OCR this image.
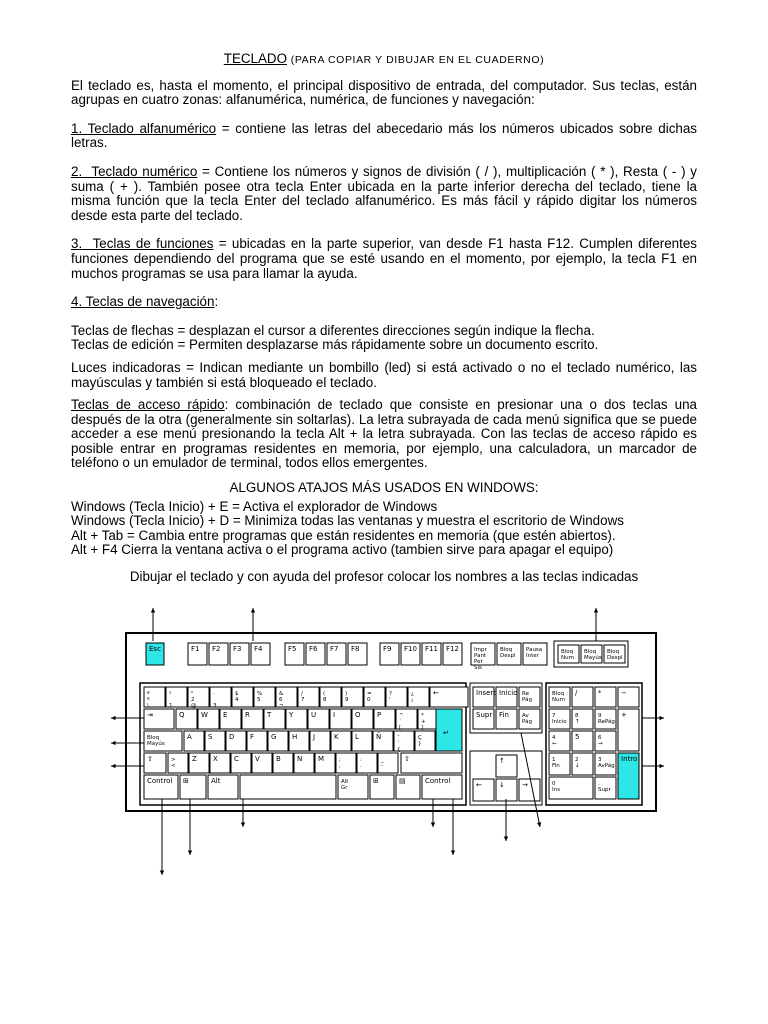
TECLADO (PARA COPIAR Y DIBUJAR EN EL CUADERNO)

El teclado es, hasta el momento, el principal dispositivo de entrada, del computador. Sus teclas, están agrupas en cuatro zonas: alfanumérica, numérica, de funciones y navegación:

1. Teclado alfanumérico = contiene las letras del abecedario más los números ubicados sobre dichas letras.

2. Teclado numérico = Contiene los números y signos de división ( / ), multiplicación ( * ), Resta ( - ) y suma ( + ). También posee otra tecla Enter ubicada en la parte inferior derecha del teclado, tiene la misma función que la tecla Enter del teclado alfanumérico. Es más fácil y rápido digitar los números desde esta parte del teclado.

3. Teclas de funciones = ubicadas en la parte superior, van desde F1 hasta F12. Cumplen diferentes funciones dependiendo del programa que se esté usando en el momento, por ejemplo, la tecla F1 en muchos programas se usa para llamar la ayuda.

4. Teclas de navegación:

Teclas de flechas = desplazan el cursor a diferentes direcciones según indique la flecha.

Teclas de edición = Permiten desplazarse más rápidamente sobre un documento escrito.

Luces indicadoras = Indican mediante un bombillo (led) si está activado o no el teclado numérico, las mayúsculas y también si está bloqueado el teclado.

Teclas de acceso rápido: combinación de teclado que consiste en presionar una o dos teclas una después de la otra (generalmente sin soltarlas). La letra subrayada de cada menú significa que se puede acceder a ese menú presionando la tecla Alt + la letra subrayada. Con las teclas de acceso rápido es posible entrar en programas residentes en memoria, por ejemplo, una calculadora, un marcador de teléfono o un emulador de terminal, todos ellos emergentes.

ALGUNOS ATAJOS MÁS USADOS EN WINDOWS:

Windows (Tecla Inicio) + E = Activa el explorador de Windows

Windows (Tecla Inicio) + D = Minimiza todas las ventanas y muestra el escritorio de Windows

Alt + Tab = Cambia entre programas que están residentes en memoria (que estén abiertos).

Alt + F4 Cierra la ventana activa o el programa activo (tambien sirve para apagar el equipo)

Dibujar el teclado y con ayuda del profesor colocar los nombres a las teclas indicadas

Esc	F1 F2 F3 F4	F5 F6 F7 F8	F9 F10 F11 F12	Impr
Pant
Pet
Sis
Bloq
Despl
Pausa
Inter
Bloq
Num
Bloq
Mayús
Bloq
Despl
ª
º
\
!
1
"
2
@
·
3
$
4
%
5
&
6
¬
/
7
(
8
)
9
=
0
?
'
¿
¡
←
⇥	Q W E	R T	Y	U I	O P	^
`
[
*
+
]
↵
Bloq
Mayús
A S D F G H J	K L Ñ	¨
´
{
Ç
}
⇧	>
<
Z X C V B N M	;
,
:
.
_
-
⇧
Control ⊞	Alt	Alt
Gr
⊞	▤	Control
Insert Inicio Re
Pág
Supr Fin Av
Pág
↑
← ↓ →
Bloq
Num
/	*	−
7
Inicio
8
↑
9
RePág
+
4
←
5	6
→
1
Fin
2
↓
3
AvPág
Intro
0
Ins
.
Supr
